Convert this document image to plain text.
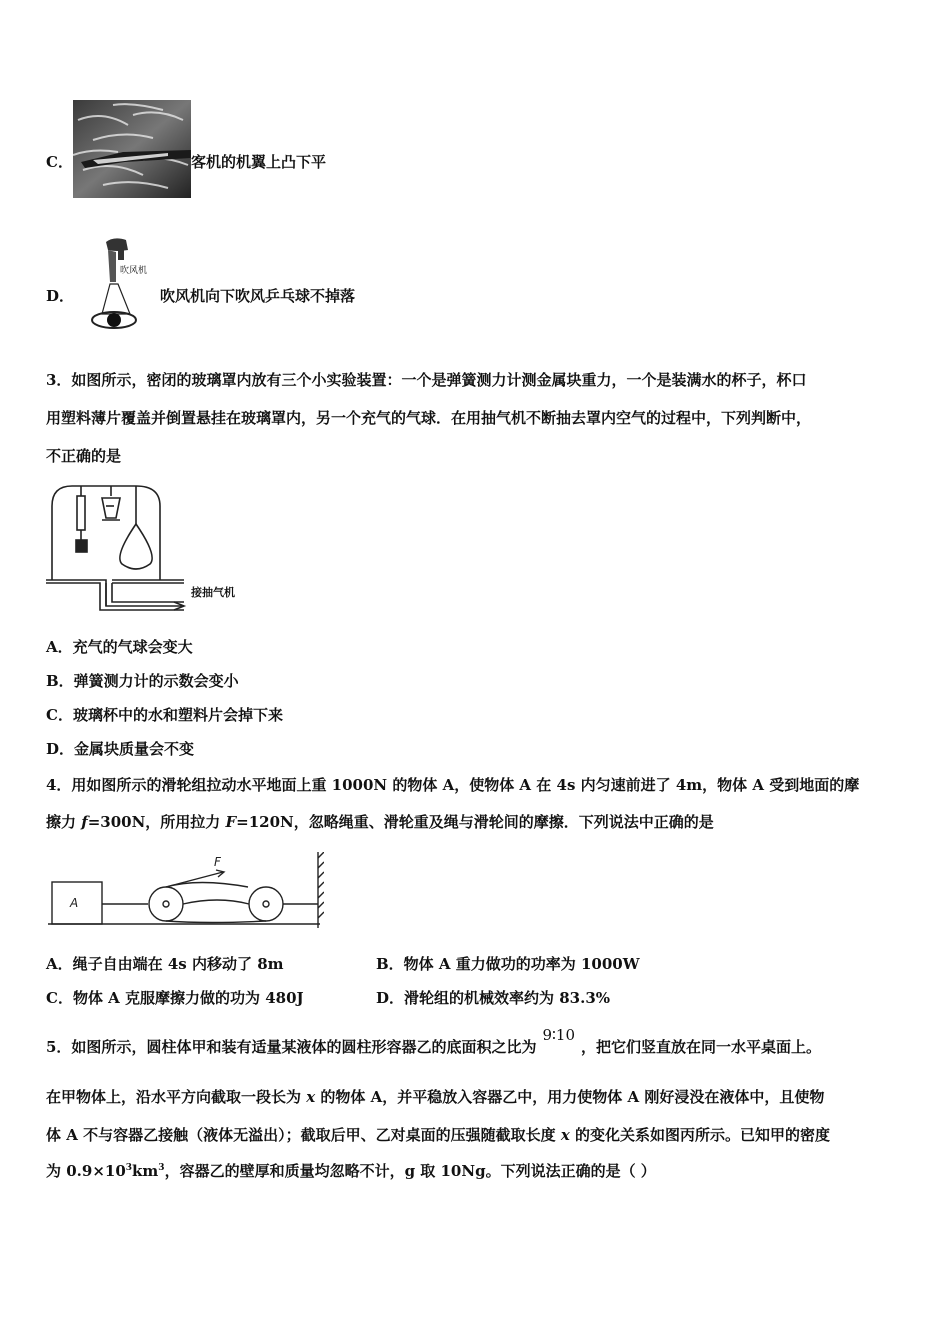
C．	客机的机翼上凸下平
D．
吹风机
吹风机向下吹风乒乓球不掉落
3．如图所示，密闭的玻璃罩内放有三个小实验装置：一个是弹簧测力计测金属块重力，一个是装满水的杯子，杯口
用塑料薄片覆盖并倒置悬挂在玻璃罩内，另一个充气的气球．在用抽气机不断抽去罩内空气的过程中，下列判断中，
不正确的是
接抽气机
A．充气的气球会变大
B．弹簧测力计的示数会变小
C．玻璃杯中的水和塑料片会掉下来
D．金属块质量会不变
4．用如图所示的滑轮组拉动水平地面上重 1000N 的物体 A，使物体 A 在 4s 内匀速前进了 4m，物体 A 受到地面的摩
擦力 f=300N，所用拉力 F=120N，忽略绳重、滑轮重及绳与滑轮间的摩擦．下列说法中正确的是
A
F
A．绳子自由端在 4s 内移动了 8m	B．物体 A 重力做功的功率为 1000W
C．物体 A 克服摩擦力做的功为 480J	D．滑轮组的机械效率约为 83.3%
5．如图所示，圆柱体甲和装有适量某液体的圆柱形容器乙的底面积之比为9∶10，把它们竖直放在同一水平桌面上。
在甲物体上，沿水平方向截取一段长为 x 的物体 A，并平稳放入容器乙中，用力使物体 A 刚好浸没在液体中，且使物
体 A 不与容器乙接触（液体无溢出）；截取后甲、乙对桌面的压强随截取长度 x 的变化关系如图丙所示。已知甲的密度
为 $0.9\times 10^3km^3$，容器乙的壁厚和质量均忽略不计，g 取 10Ng。下列说法正确的是（ ）
